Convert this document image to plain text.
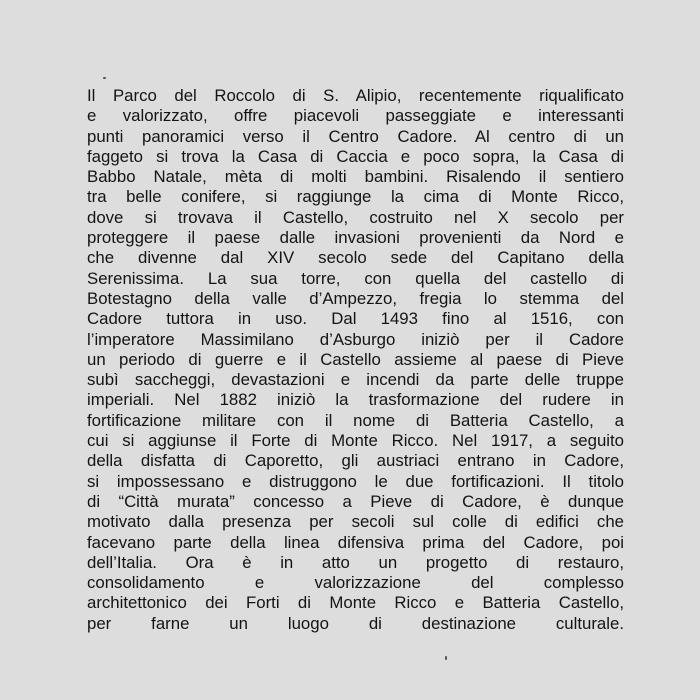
Il Parco del Roccolo di S. Alipio, recentemente riqualificato
e valorizzato, offre piacevoli passeggiate e interessanti
punti panoramici verso il Centro Cadore. Al centro di un
faggeto si trova la Casa di Caccia e poco sopra, la Casa di
Babbo Natale, mèta di molti bambini. Risalendo il sentiero
tra belle conifere, si raggiunge la cima di Monte Ricco,
dove si trovava il Castello, costruito nel X secolo per
proteggere il paese dalle invasioni provenienti da Nord e
che divenne dal XIV secolo sede del Capitano della
Serenissima. La sua torre, con quella del castello di
Botestagno della valle d’Ampezzo, fregia lo stemma del
Cadore tuttora in uso. Dal 1493 fino al 1516, con
l’imperatore Massimilano d’Asburgo iniziò per il Cadore
un periodo di guerre e il Castello assieme al paese di Pieve
subì saccheggi, devastazioni e incendi da parte delle truppe
imperiali. Nel 1882 iniziò la trasformazione del rudere in
fortificazione militare con il nome di Batteria Castello, a
cui si aggiunse il Forte di Monte Ricco. Nel 1917, a seguito
della disfatta di Caporetto, gli austriaci entrano in Cadore,
si impossessano e distruggono le due fortificazioni. Il titolo
di “Città murata” concesso a Pieve di Cadore, è dunque
motivato dalla presenza per secoli sul colle di edifici che
facevano parte della linea difensiva prima del Cadore, poi
dell’Italia. Ora è in atto un progetto di restauro,
consolidamento e valorizzazione del complesso
architettonico dei Forti di Monte Ricco e Batteria Castello,
per farne un luogo di destinazione culturale.
